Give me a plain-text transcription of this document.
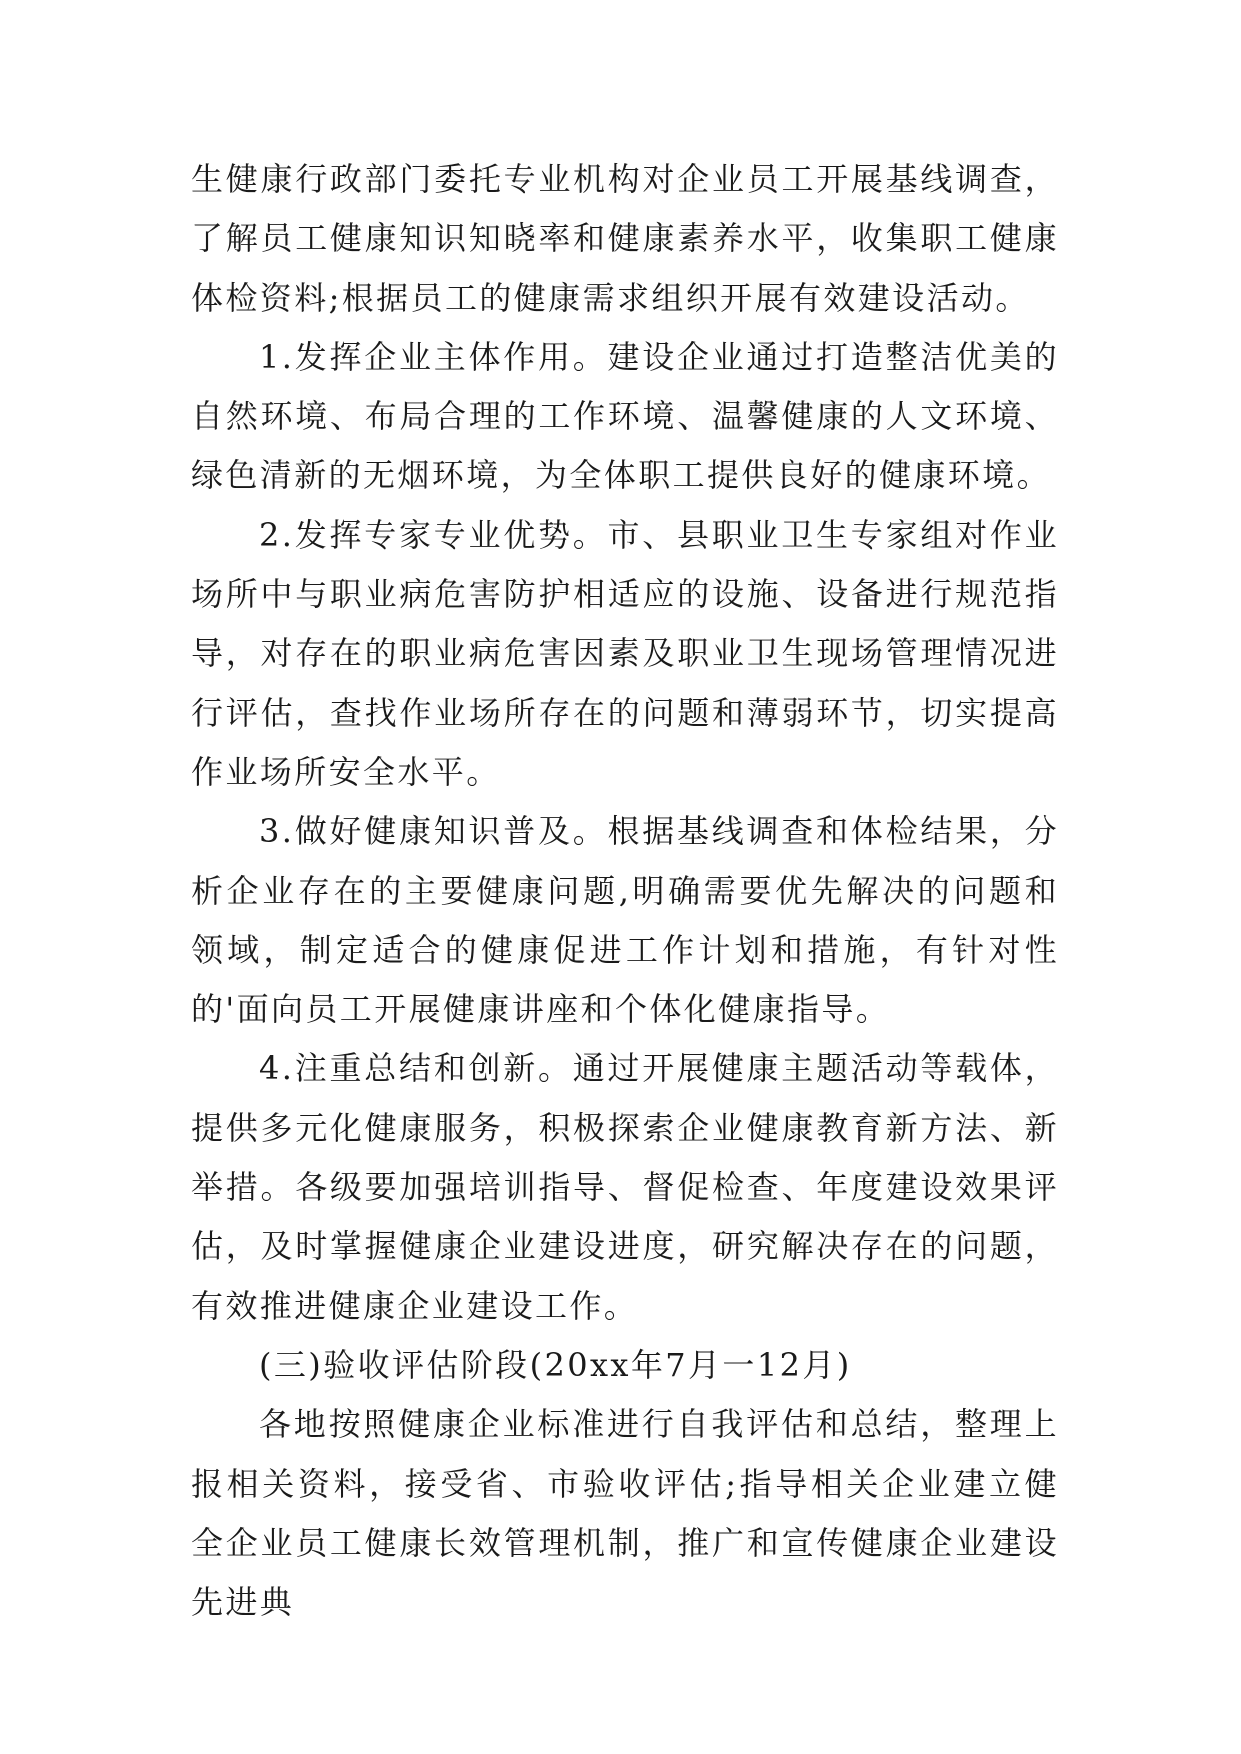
生健康行政部门委托专业机构对企业员工开展基线调查，了解员工健康知识知晓率和健康素养水平，收集职工健康体检资料;根据员工的健康需求组织开展有效建设活动。

1.发挥企业主体作用。建设企业通过打造整洁优美的自然环境、布局合理的工作环境、温馨健康的人文环境、绿色清新的无烟环境，为全体职工提供良好的健康环境。

2.发挥专家专业优势。市、县职业卫生专家组对作业场所中与职业病危害防护相适应的设施、设备进行规范指导，对存在的职业病危害因素及职业卫生现场管理情况进行评估，查找作业场所存在的问题和薄弱环节，切实提高作业场所安全水平。

3.做好健康知识普及。根据基线调查和体检结果，分析企业存在的主要健康问题,明确需要优先解决的问题和领域，制定适合的健康促进工作计划和措施，有针对性的'面向员工开展健康讲座和个体化健康指导。

4.注重总结和创新。通过开展健康主题活动等载体，提供多元化健康服务，积极探索企业健康教育新方法、新举措。各级要加强培训指导、督促检查、年度建设效果评估，及时掌握健康企业建设进度，研究解决存在的问题，有效推进健康企业建设工作。

(三)验收评估阶段(20xx年7月一12月)

各地按照健康企业标准进行自我评估和总结，整理上报相关资料，接受省、市验收评估;指导相关企业建立健全企业员工健康长效管理机制，推广和宣传健康企业建设先进典
